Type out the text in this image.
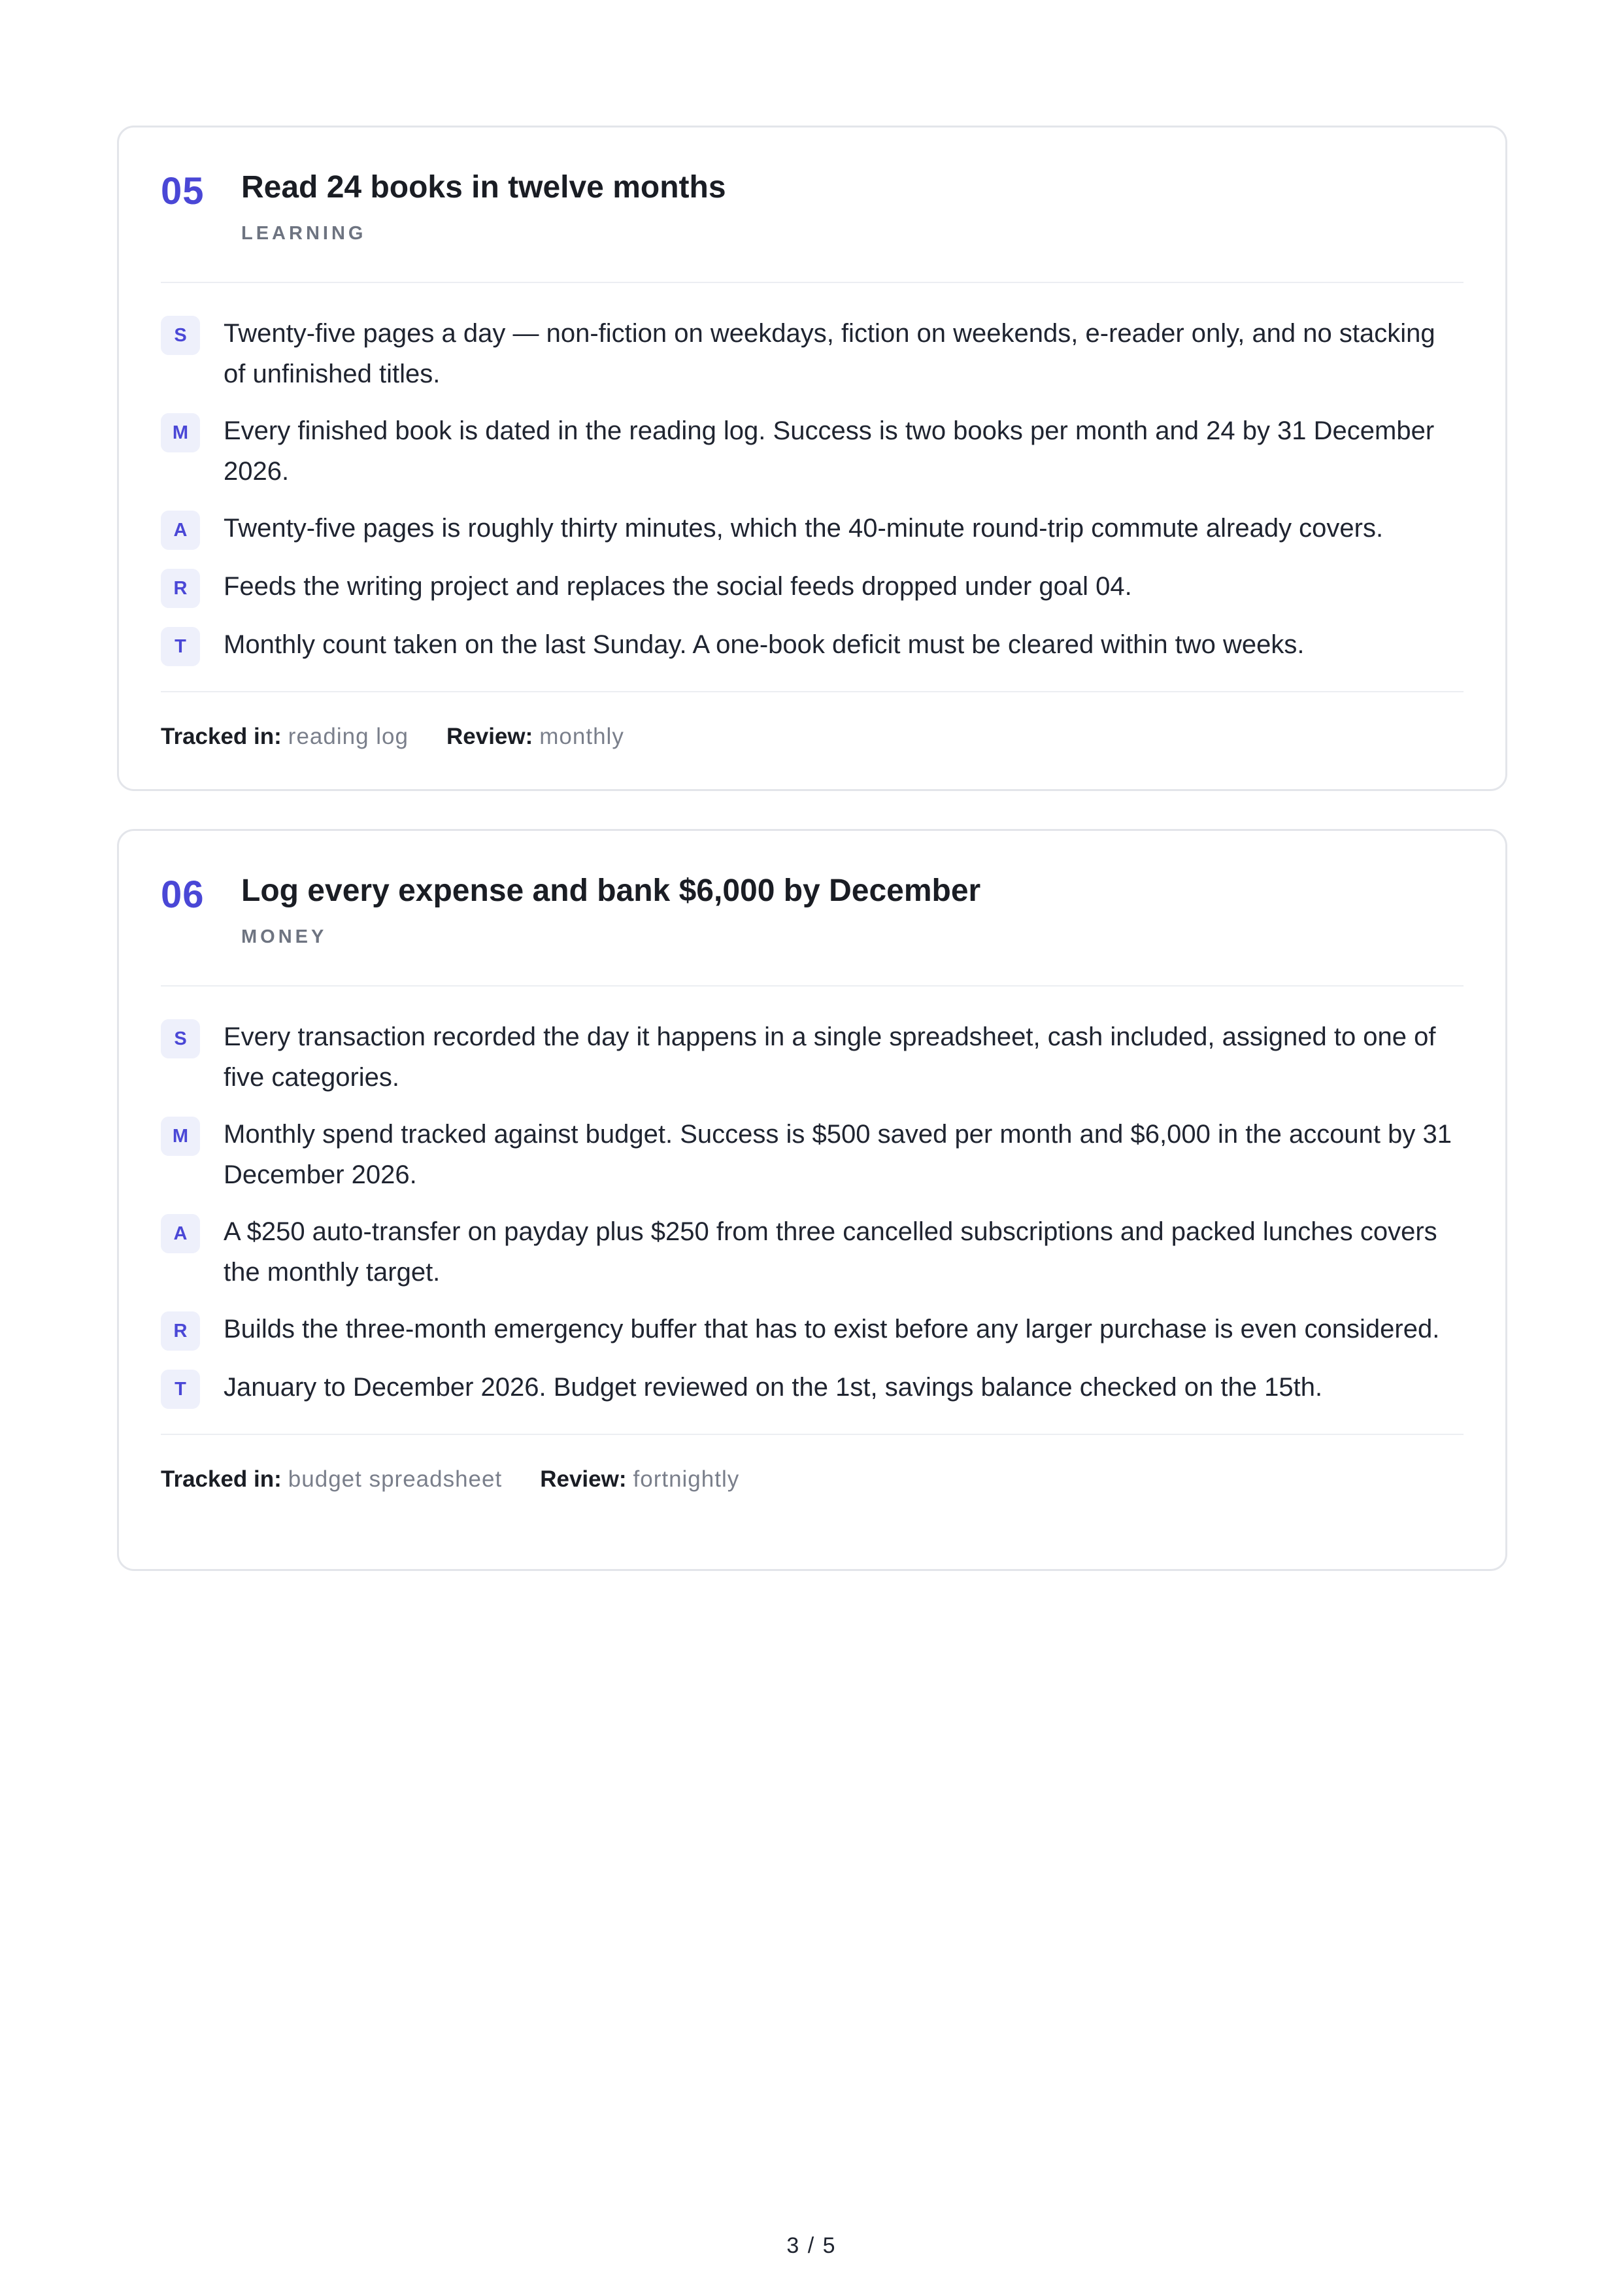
05 Read 24 books in twelve months
LEARNING
S	Twenty-five pages a day — non-fiction on weekdays, fiction on weekends, e-reader only, and no stacking of unfinished titles.
M	Every finished book is dated in the reading log. Success is two books per month and 24 by 31 December 2026.
A	Twenty-five pages is roughly thirty minutes, which the 40-minute round-trip commute already covers.
R	Feeds the writing project and replaces the social feeds dropped under goal 04.
T	Monthly count taken on the last Sunday. A one-book deficit must be cleared within two weeks.
Tracked in: reading log Review: monthly
06 Log every expense and bank $6,000 by December
MONEY
S	Every transaction recorded the day it happens in a single spreadsheet, cash included, assigned to one of five categories.
M	Monthly spend tracked against budget. Success is $500 saved per month and $6,000 in the account by 31 December 2026.
A	A $250 auto-transfer on payday plus $250 from three cancelled subscriptions and packed lunches covers the monthly target.
R	Builds the three-month emergency buffer that has to exist before any larger purchase is even considered.
T	January to December 2026. Budget reviewed on the 1st, savings balance checked on the 15th.
Tracked in: budget spreadsheet Review: fortnightly
3 / 5
